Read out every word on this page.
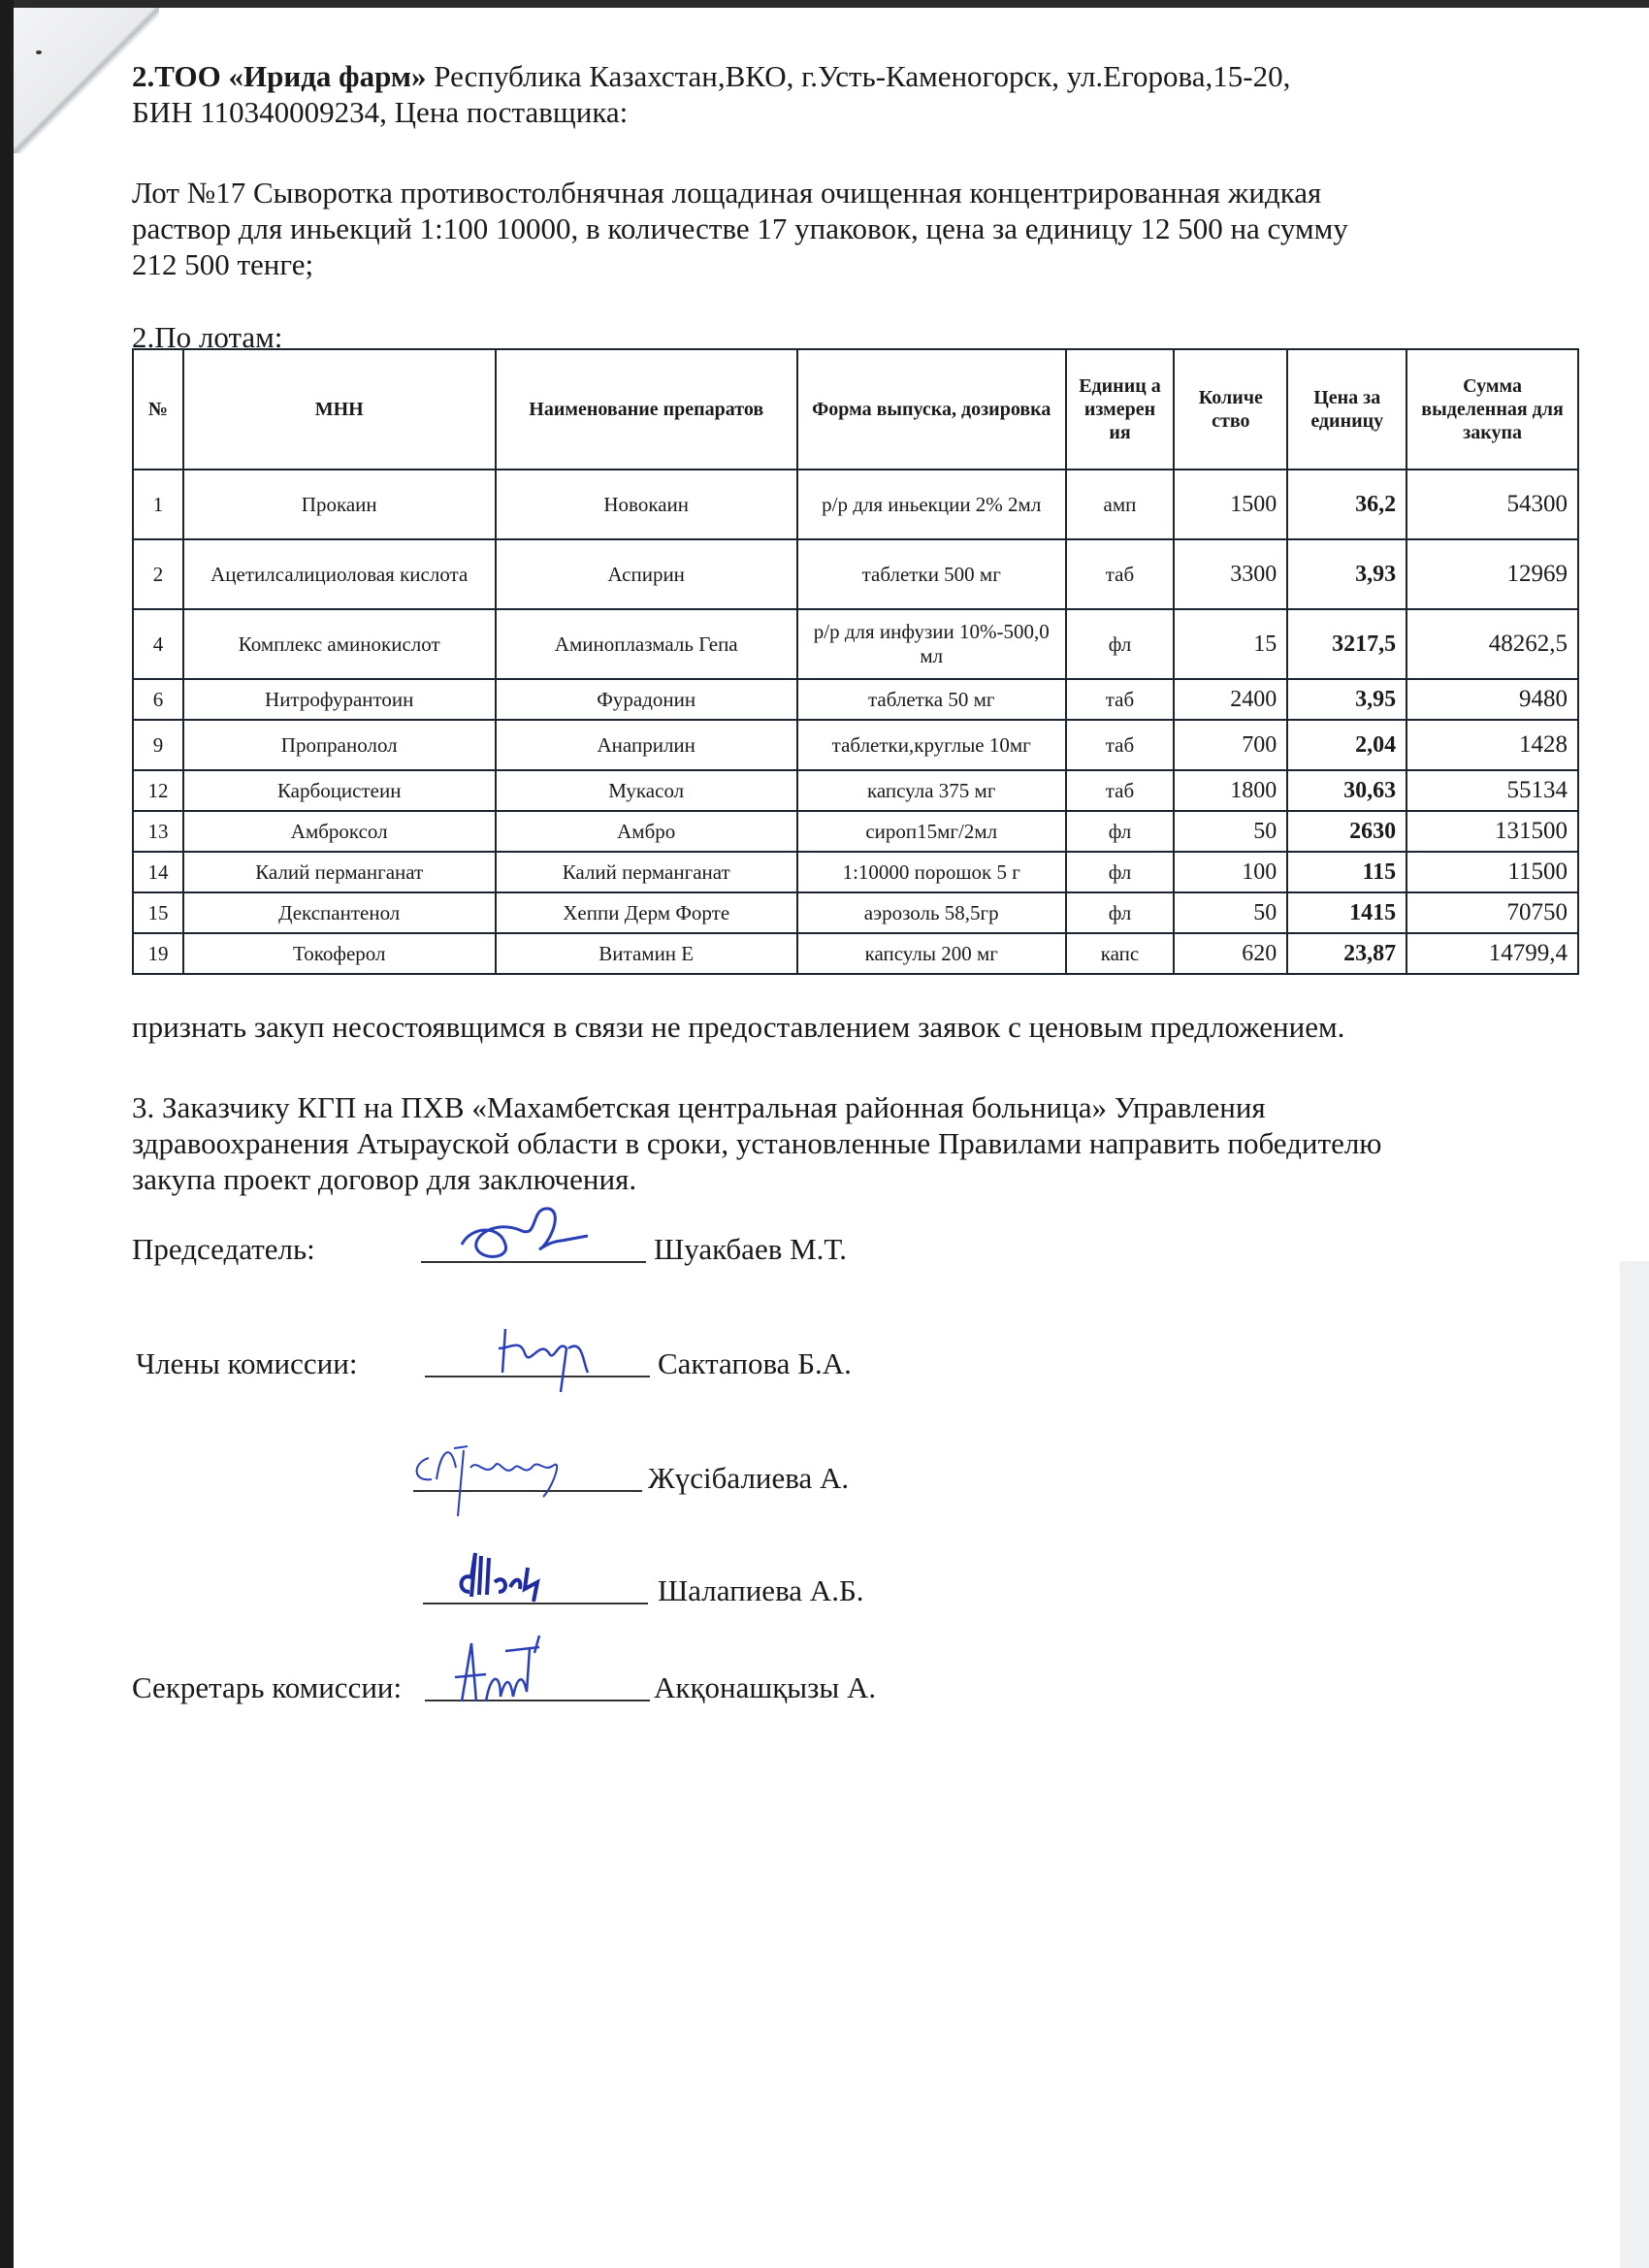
2.ТОО «Ирида фарм» Республика Казахстан,ВКО, г.Усть-Каменогорск, ул.Егорова,15-20,
БИН 110340009234, Цена поставщика:

Лот №17 Сыворотка противостолбнячная лощадиная очищенная концентрированная жидкая
раствор для иньекций 1:100 10000, в количестве 17 упаковок, цена за единицу 12 500 на сумму
212 500 тенге;

2.По лотам:

№	МНН	Наименование препаратов	Форма выпуска, дозировка	Единиц а измерен ия	Количе ство	Цена за единицу	Сумма выделенная для закупа
1	Прокаин	Новокаин	р/р для иньекции 2% 2мл	амп	1500	36,2	54300
2	Ацетилсалициоловая кислота	Аспирин	таблетки 500 мг	таб	3300	3,93	12969
4	Комплекс аминокислот	Аминоплазмаль Гепа	р/р для инфузии 10%-500,0 мл	фл	15	3217,5	48262,5
6	Нитрофурантоин	Фурадонин	таблетка 50 мг	таб	2400	3,95	9480
9	Пропранолол	Анаприлин	таблетки,круглые 10мг	таб	700	2,04	1428
12	Карбоцистеин	Мукасол	капсула 375 мг	таб	1800	30,63	55134
13	Амброксол	Амбро	сироп15мг/2мл	фл	50	2630	131500
14	Калий перманганат	Калий перманганат	1:10000 порошок 5 г	фл	100	115	11500
15	Декспантенол	Хеппи Дерм Форте	аэрозоль 58,5гр	фл	50	1415	70750
19	Токоферол	Витамин Е	капсулы 200 мг	капс	620	23,87	14799,4

признать закуп несостоявщимся в связи не предоставлением заявок с ценовым предложением.

3. Заказчику КГП на ПХВ «Махамбетская центральная районная больница» Управления
здравоохранения Атырауской области в сроки, установленные Правилами направить победителю
закупа проект договор для заключения.

Председатель:	Шуакбаев М.Т.
Члены комиссии:	Сактапова Б.А.
Жүсібалиева А.
Шалапиева А.Б.
Секретарь комиссии:	Акқонашқызы А.
